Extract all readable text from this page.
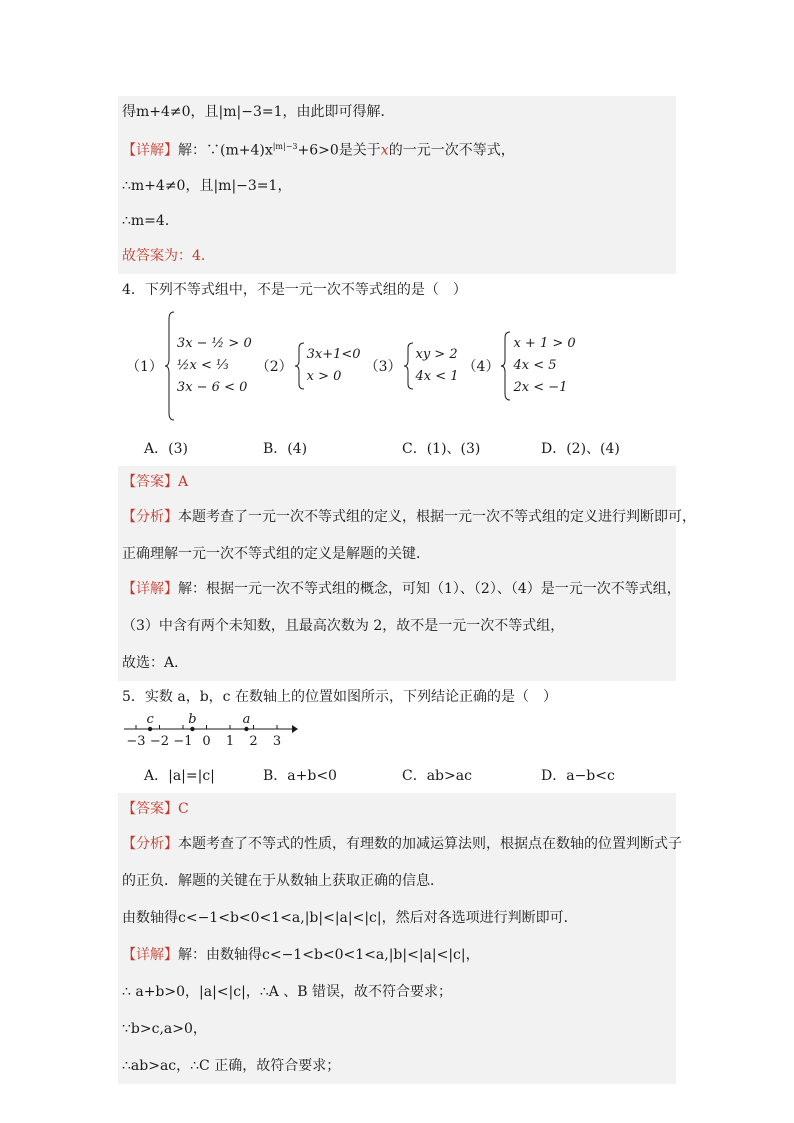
得m+4≠0，且|m|−3=1，由此即可得解．

【详解】解：$\because(m+4)x^{|m|-3}+6>0$是关于x的一元一次不等式，

∴m+4≠0，且|m|−3=1，

∴m=4．

故答案为：4．

4．下列不等式组中，不是一元一次不等式组的是（　）

（1）
3x − ½ > 0
½x < ⅓
3x − 6 < 0
（2）
3x+1<0
x > 0
（3）
xy > 2
4x < 1
（4）
x + 1 > 0
4x < 5
2x < −1
A．(3)	B．(4)	C．(1)、(3)	D．(2)、(4)

【答案】A

【分析】本题考查了一元一次不等式组的定义，根据一元一次不等式组的定义进行判断即可，

正确理解一元一次不等式组的定义是解题的关键．

【详解】解：根据一元一次不等式组的概念，可知（1）、（2）、（4）是一元一次不等式组，

（3）中含有两个未知数，且最高次数为 2，故不是一元一次不等式组，

故选：A．

5．实数 a，b，c 在数轴上的位置如图所示，下列结论正确的是（　）

−3 −2 −1 0 1 2 3
c	b	a
A．|a|=|c|	B．a+b<0	C．ab>ac	D．a−b<c

【答案】C

【分析】本题考查了不等式的性质，有理数的加减运算法则，根据点在数轴的位置判断式子

的正负．解题的关键在于从数轴上获取正确的信息．

由数轴得c<−1<b<0<1<a,|b|<|a|<|c|，然后对各选项进行判断即可．

【详解】解：由数轴得c<−1<b<0<1<a,|b|<|a|<|c|，

∴ a+b>0，|a|<|c|，∴A 、B 错误，故不符合要求；

∵b>c,a>0，

∴ab>ac，∴C 正确，故符合要求；
